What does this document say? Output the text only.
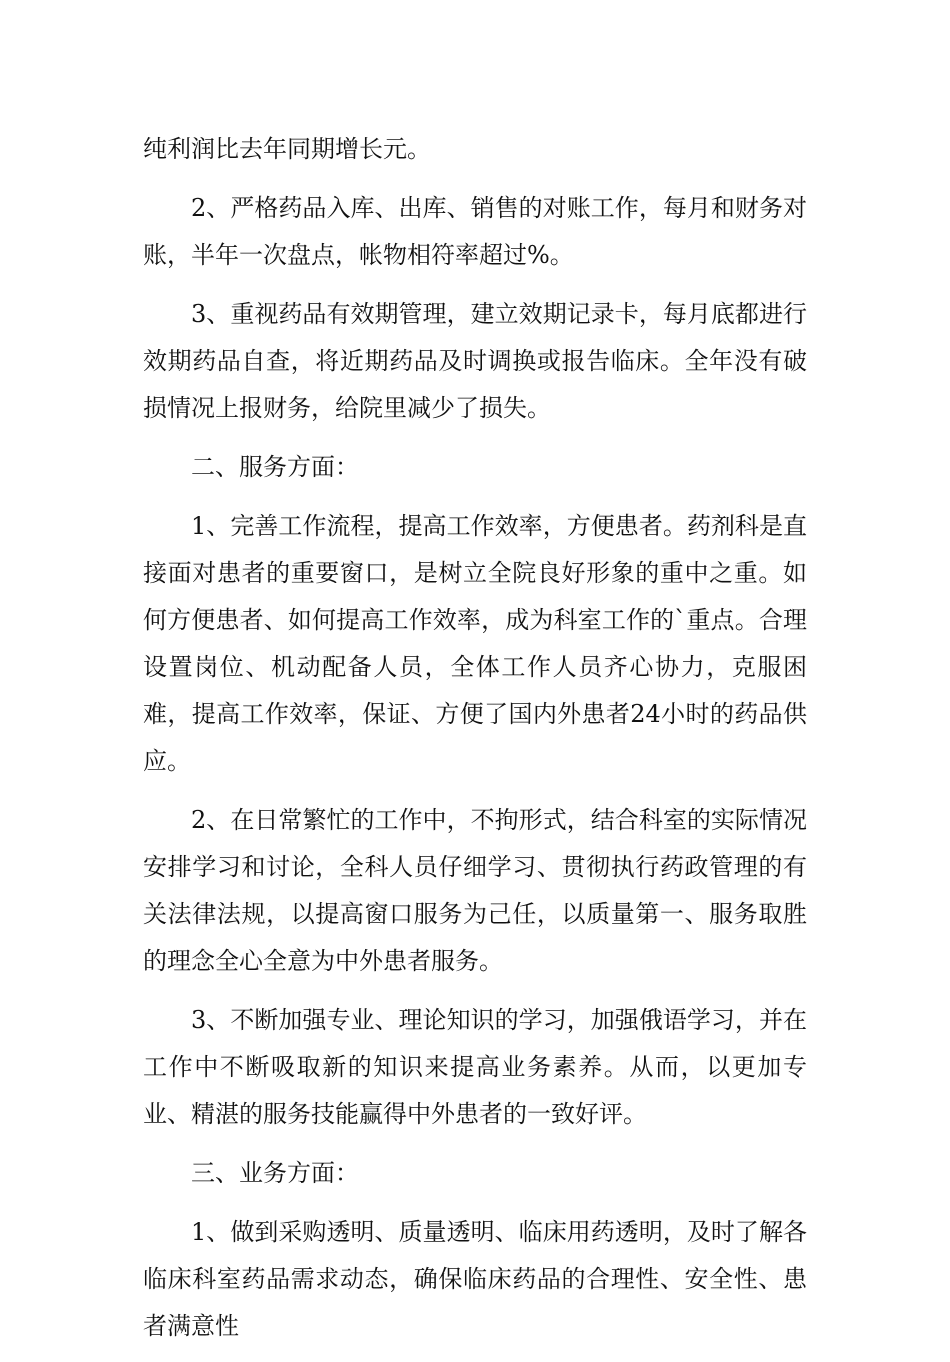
纯利润比去年同期增长元。

2、严格药品入库、出库、销售的对账工作，每月和财务对账，半年一次盘点，帐物相符率超过%。

3、重视药品有效期管理，建立效期记录卡，每月底都进行效期药品自查，将近期药品及时调换或报告临床。全年没有破损情况上报财务，给院里减少了损失。

二、服务方面：

1、完善工作流程，提高工作效率，方便患者。药剂科是直接面对患者的重要窗口，是树立全院良好形象的重中之重。如何方便患者、如何提高工作效率，成为科室工作的`重点。合理设置岗位、机动配备人员，全体工作人员齐心协力，克服困难，提高工作效率，保证、方便了国内外患者24小时的药品供应。

2、在日常繁忙的工作中，不拘形式，结合科室的实际情况安排学习和讨论，全科人员仔细学习、贯彻执行药政管理的有关法律法规，以提高窗口服务为己任，以质量第一、服务取胜的理念全心全意为中外患者服务。

3、不断加强专业、理论知识的学习，加强俄语学习，并在工作中不断吸取新的知识来提高业务素养。从而，以更加专业、精湛的服务技能赢得中外患者的一致好评。

三、业务方面：

1、做到采购透明、质量透明、临床用药透明，及时了解各临床科室药品需求动态，确保临床药品的合理性、安全性、患者满意性
